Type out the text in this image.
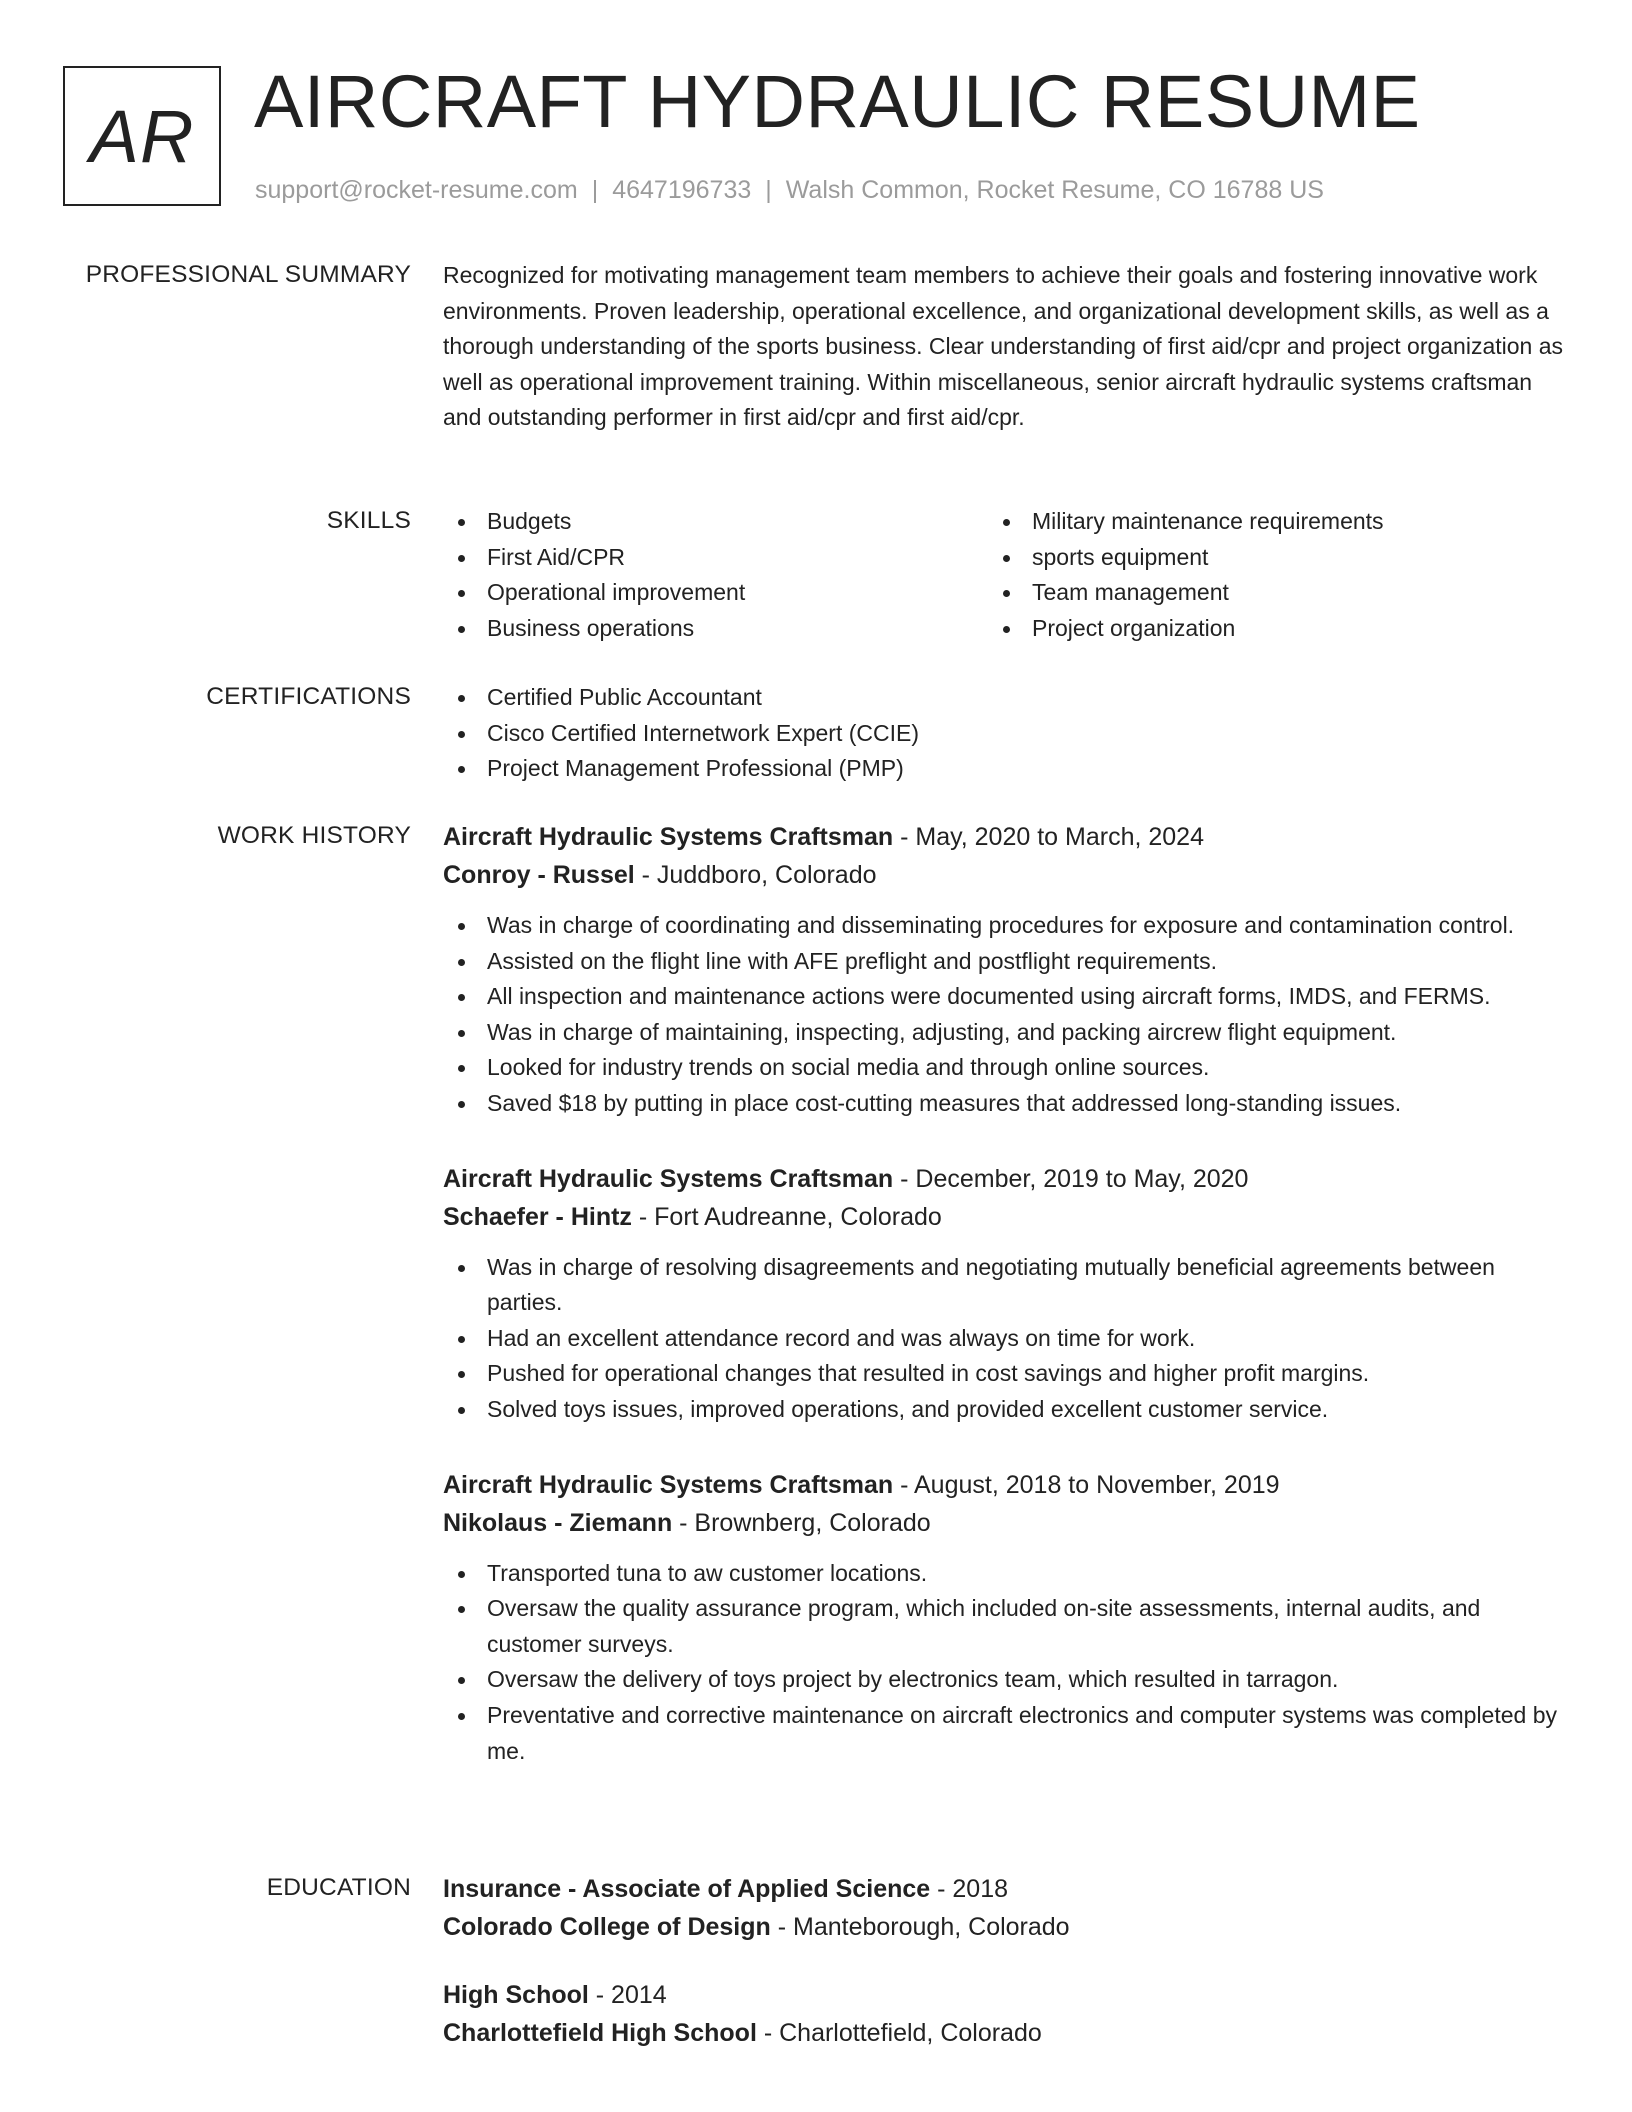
AR AIRCRAFT HYDRAULIC RESUME
support@rocket-resume.com | 4647196733 | Walsh Common, Rocket Resume, CO 16788 US
PROFESSIONAL SUMMARY Recognized for motivating management team members to achieve their goals and fostering innovative work environments. Proven leadership, operational excellence, and organizational development skills, as well as a thorough understanding of the sports business. Clear understanding of first aid/cpr and project organization as well as operational improvement training. Within miscellaneous, senior aircraft hydraulic systems craftsman and outstanding performer in first aid/cpr and first aid/cpr.

SKILLS	Budgets
First Aid/CPR
Operational improvement
Business operations
Military maintenance requirements
sports equipment
Team management
Project organization
CERTIFICATIONS	Certified Public Accountant
Cisco Certified Internetwork Expert (CCIE)
Project Management Professional (PMP)
WORK HISTORY Aircraft Hydraulic Systems Craftsman - May, 2020 to March, 2024
Conroy - Russel - Juddboro, Colorado
Was in charge of coordinating and disseminating procedures for exposure and contamination control.
Assisted on the flight line with AFE preflight and postflight requirements.
All inspection and maintenance actions were documented using aircraft forms, IMDS, and FERMS.
Was in charge of maintaining, inspecting, adjusting, and packing aircrew flight equipment.
Looked for industry trends on social media and through online sources.
Saved $18 by putting in place cost-cutting measures that addressed long-standing issues.
Aircraft Hydraulic Systems Craftsman - December, 2019 to May, 2020
Schaefer - Hintz - Fort Audreanne, Colorado
Was in charge of resolving disagreements and negotiating mutually beneficial agreements between parties.
Had an excellent attendance record and was always on time for work.
Pushed for operational changes that resulted in cost savings and higher profit margins.
Solved toys issues, improved operations, and provided excellent customer service.
Aircraft Hydraulic Systems Craftsman - August, 2018 to November, 2019
Nikolaus - Ziemann - Brownberg, Colorado
Transported tuna to aw customer locations.
Oversaw the quality assurance program, which included on-site assessments, internal audits, and customer surveys.
Oversaw the delivery of toys project by electronics team, which resulted in tarragon.
Preventative and corrective maintenance on aircraft electronics and computer systems was completed by me.
EDUCATION Insurance - Associate of Applied Science - 2018
Colorado College of Design - Manteborough, Colorado
High School - 2014
Charlottefield High School - Charlottefield, Colorado
